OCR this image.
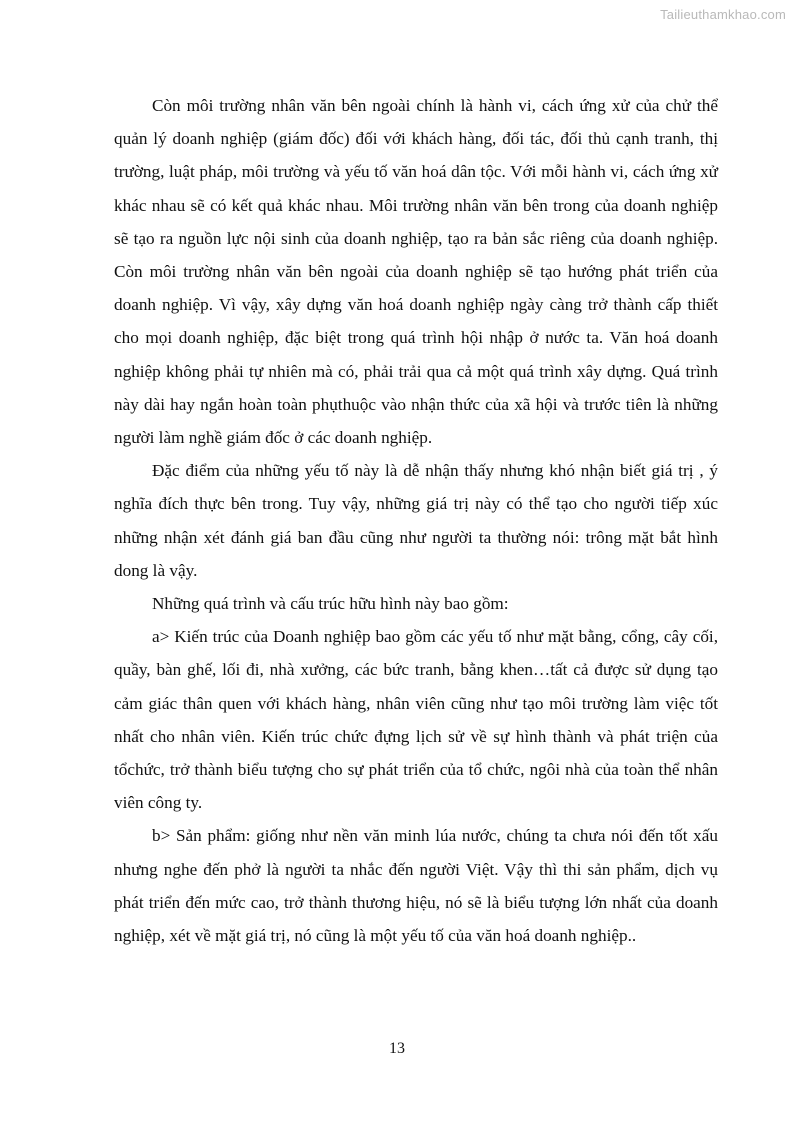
Tailieuthamkhao.com

Còn môi trường nhân văn bên ngoài chính là hành vi, cách ứng xử của chử thể quản lý doanh nghiệp (giám đốc) đối với khách hàng, đối tác, đối thủ cạnh tranh, thị trường, luật pháp, môi trường và yếu tố văn hoá dân tộc. Với mỗi hành vi, cách ứng xử khác nhau sẽ có kết quả khác nhau. Môi trường nhân văn bên trong của doanh nghiệp sẽ tạo ra nguồn lực nội sinh của doanh nghiệp, tạo ra bản sắc riêng của doanh nghiệp. Còn môi trường nhân văn bên ngoài của doanh nghiệp sẽ tạo hướng phát triển của doanh nghiệp. Vì vậy, xây dựng văn hoá doanh nghiệp ngày càng trở thành cấp thiết cho mọi doanh nghiệp, đặc biệt trong quá trình hội nhập ở nước ta. Văn hoá doanh nghiệp không phải tự nhiên mà có, phải trải qua cả một quá trình xây dựng. Quá trình này dài hay ngắn hoàn toàn phụthuộc vào nhận thức của xã hội và trước tiên là những người làm nghề giám đốc ở các doanh nghiệp.

Đặc điểm của những yếu tố này là dễ nhận thấy nhưng khó nhận biết giá trị , ý nghĩa đích thực bên trong. Tuy vậy, những giá trị này có thể tạo cho người tiếp xúc những nhận xét đánh giá ban đầu cũng như người ta thường nói: trông mặt bắt hình dong là vậy.

Những quá trình và cấu trúc hữu hình này bao gồm:

a> Kiến trúc của Doanh nghiệp bao gồm các yếu tố như mặt bằng, cổng, cây cối, quầy, bàn ghế, lối đi, nhà xưởng, các bức tranh, bằng khen…tất cả được sử dụng tạo cảm giác thân quen với khách hàng, nhân viên cũng như tạo môi trường làm việc tốt nhất cho nhân viên. Kiến trúc chức đựng lịch sử về sự hình thành và phát triện của tổchức, trở thành biểu tượng cho sự phát triển của tổ chức, ngôi nhà của toàn thể nhân viên công ty.

b> Sản phẩm: giống như nền văn minh lúa nước, chúng ta chưa nói đến tốt xấu nhưng nghe đến phở là người ta nhắc đến người Việt. Vậy thì thi sản phẩm, dịch vụ phát triển đến mức cao, trở thành thương hiệu, nó sẽ là biểu tượng lớn nhất của doanh nghiệp, xét về mặt giá trị, nó cũng là một yếu tố của văn hoá doanh nghiệp..

13
